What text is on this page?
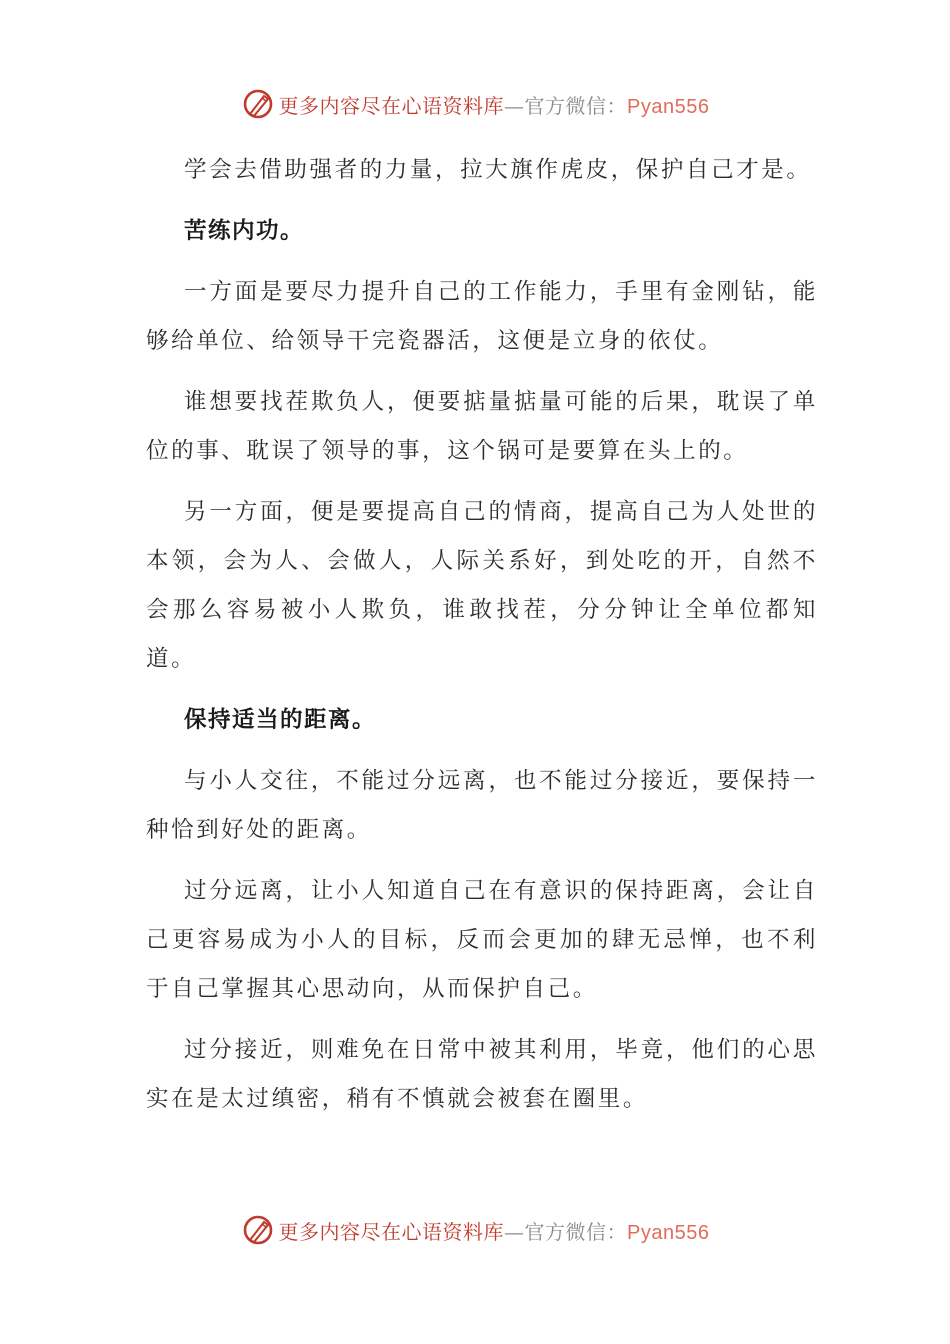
更多内容尽在心语资料库—官方微信：Pyan556

学会去借助强者的力量，拉大旗作虎皮，保护自己才是。

苦练内功。

一方面是要尽力提升自己的工作能力，手里有金刚钻，能够给单位、给领导干完瓷器活，这便是立身的依仗。

谁想要找茬欺负人，便要掂量掂量可能的后果，耽误了单位的事、耽误了领导的事，这个锅可是要算在头上的。

另一方面，便是要提高自己的情商，提高自己为人处世的本领，会为人、会做人，人际关系好，到处吃的开，自然不会那么容易被小人欺负，谁敢找茬，分分钟让全单位都知道。

保持适当的距离。

与小人交往，不能过分远离，也不能过分接近，要保持一种恰到好处的距离。

过分远离，让小人知道自己在有意识的保持距离，会让自己更容易成为小人的目标，反而会更加的肆无忌惮，也不利于自己掌握其心思动向，从而保护自己。

过分接近，则难免在日常中被其利用，毕竟，他们的心思实在是太过缜密，稍有不慎就会被套在圈里。

更多内容尽在心语资料库—官方微信：Pyan556
